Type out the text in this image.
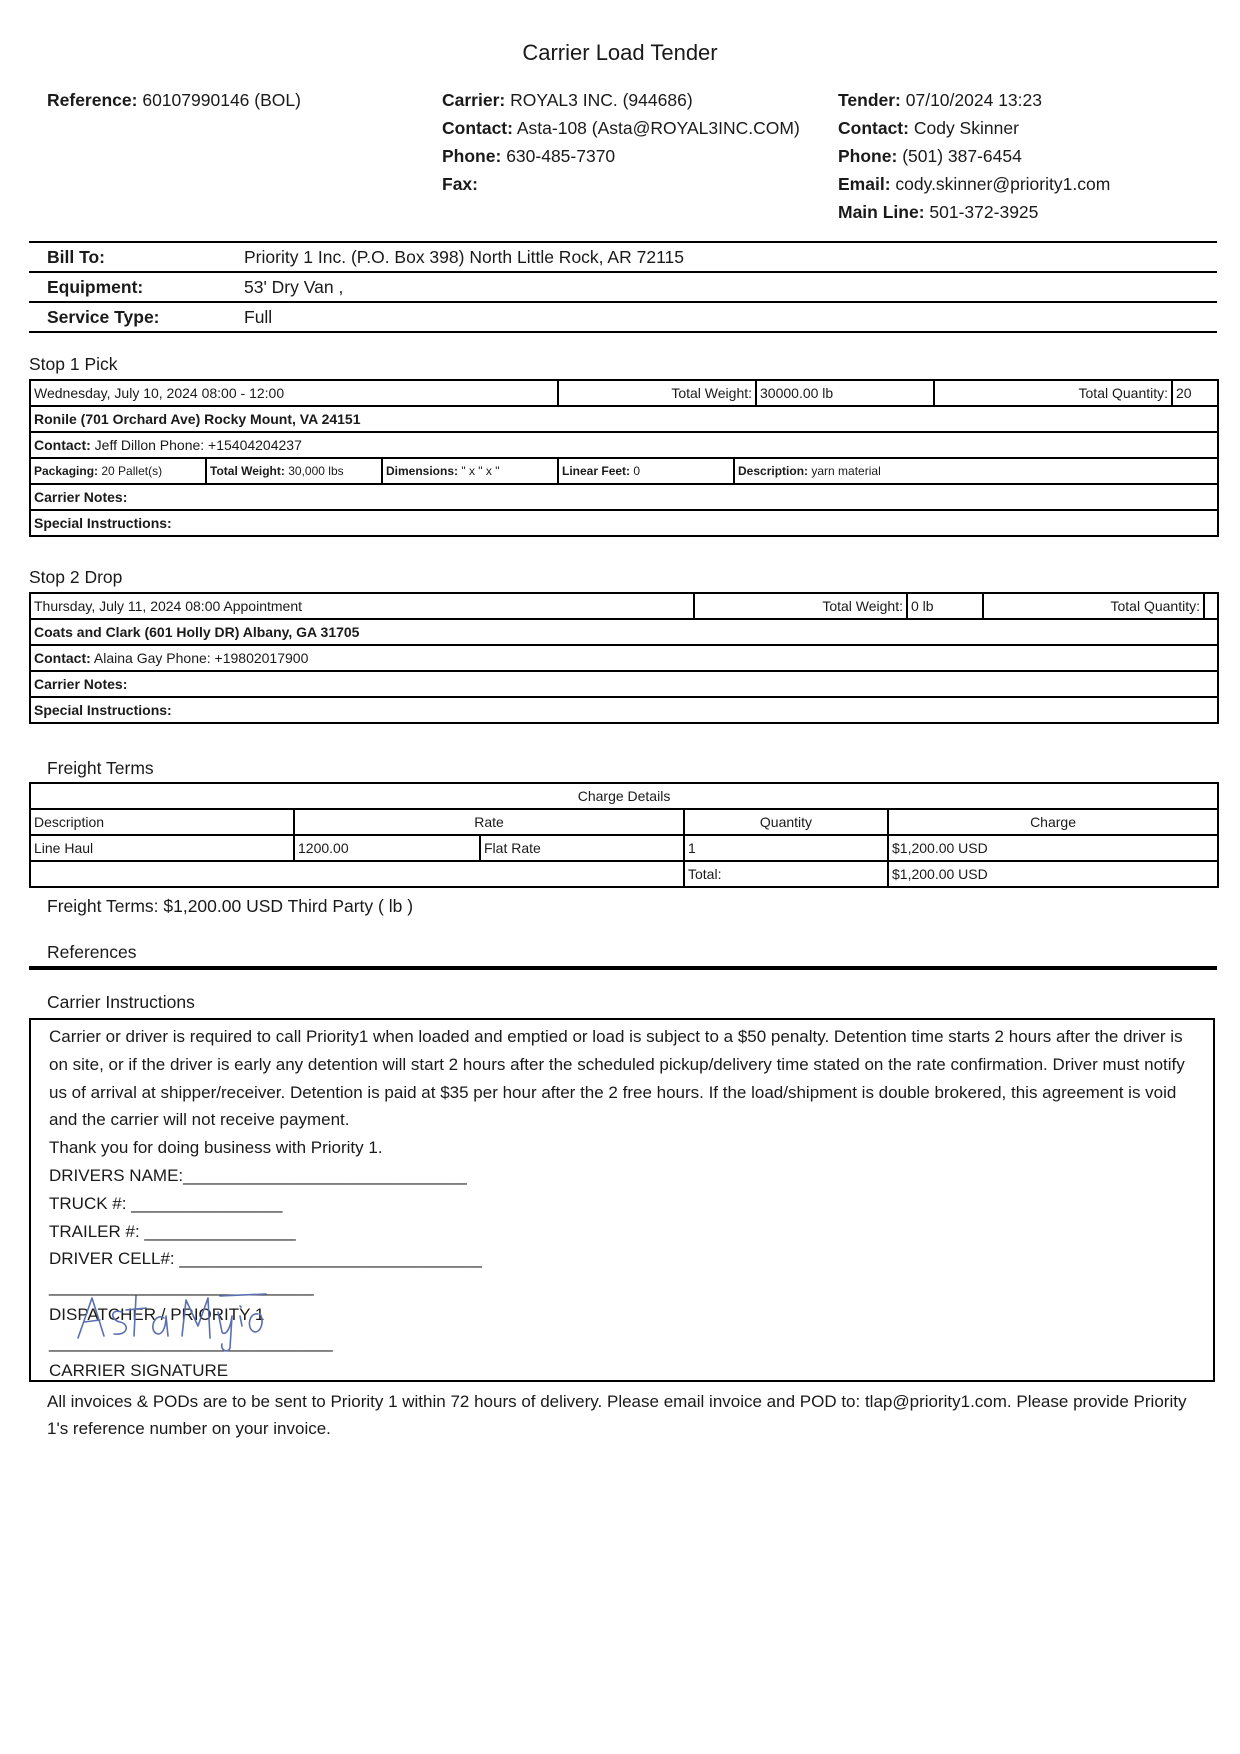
Carrier Load Tender
Reference: 60107990146 (BOL)	Carrier: ROYAL3 INC. (944686)
Contact: Asta-108 (Asta@ROYAL3INC.COM)
Phone: 630-485-7370
Fax:
Tender: 07/10/2024 13:23
Contact: Cody Skinner
Phone: (501) 387-6454
Email: cody.skinner@priority1.com
Main Line: 501-372-3925
Bill To:	Priority 1 Inc. (P.O. Box 398) North Little Rock, AR 72115
Equipment:	53' Dry Van ,
Service Type:	Full
Stop 1 Pick
Wednesday, July 10, 2024 08:00 - 12:00		Total Weight:	30000.00 lb	Total Quantity:	20

Ronile (701 Orchard Ave) Rocky Mount, VA 24151
Contact: Jeff Dillon Phone: +15404204237
Packaging: 20 Pallet(s)	Total Weight: 30,000 lbs	Dimensions: " x " x "	Linear Feet: 0	Description: yarn material
Carrier Notes:
Special Instructions:
Stop 2 Drop
Thursday, July 11, 2024 08:00 Appointment		Total Weight:	0 lb	Total Quantity:	

Coats and Clark (601 Holly DR) Albany, GA 31705
Contact: Alaina Gay Phone: +19802017900
Carrier Notes:
Special Instructions:
Freight Terms
Charge Details				
Description	Rate		Quantity	Charge
Line Haul	1200.00	Flat Rate	1	$1,200.00 USD
			Total:	$1,200.00 USD
Freight Terms: $1,200.00 USD Third Party ( lb )
References
Carrier Instructions
Carrier or driver is required to call Priority1 when loaded and emptied or load is subject to a $50 penalty. Detention time starts 2 hours after the driver is on site, or if the driver is early any detention will start 2 hours after the scheduled pickup/delivery time stated on the rate confirmation. Driver must notify us of arrival at shipper/receiver. Detention is paid at $35 per hour after the 2 free hours. If the load/shipment is double brokered, this agreement is void and the carrier will not receive payment.
Thank you for doing business with Priority 1.
DRIVERS NAME:______________________________
TRUCK #: ________________
TRAILER #: ________________
DRIVER CELL#: ________________________________
____________________________
DISPATCHER / PRIORITY 1
______________________________
CARRIER SIGNATURE
All invoices & PODs are to be sent to Priority 1 within 72 hours of delivery. Please email invoice and POD to: tlap@priority1.com. Please provide Priority 1's reference number on your invoice.
